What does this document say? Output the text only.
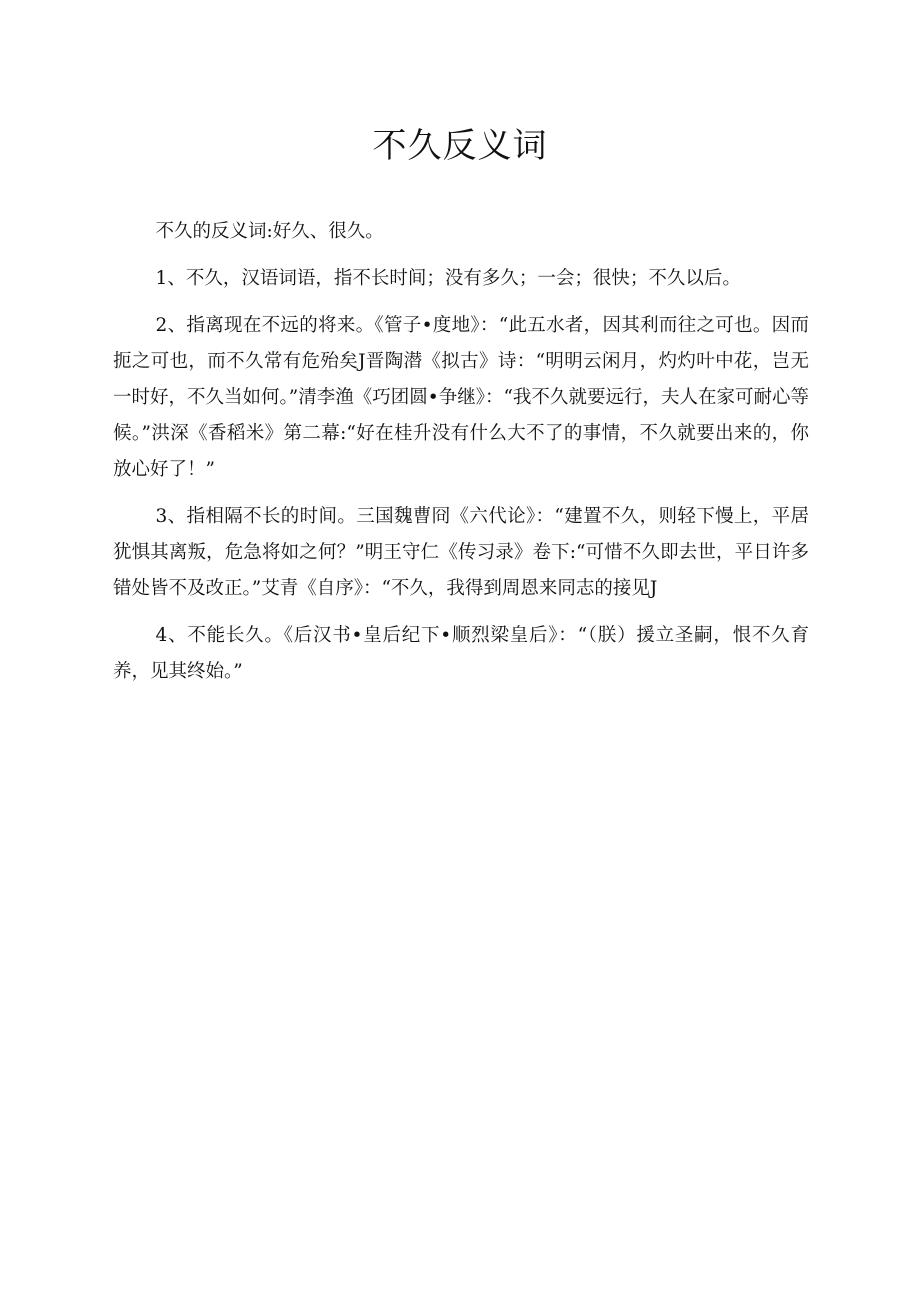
不久反义词

不久的反义词:好久、很久。

1、不久，汉语词语，指不长时间；没有多久；一会；很快；不久以后。

2、指离现在不远的将来。《管子•度地》：“此五水者，因其利而往之可也。因而扼之可也，而不久常有危殆矣J晋陶潜《拟古》诗：“明明云闲月，灼灼叶中花，岂无一时好，不久当如何。”清李渔《巧团圆•争继》：“我不久就要远行，夫人在家可耐心等候。”洪深《香稻米》第二幕:“好在桂升没有什么大不了的事情，不久就要出来的，你放心好了！”

3、指相隔不长的时间。三国魏曹冏《六代论》：“建置不久，则轻下慢上，平居犹惧其离叛，危急将如之何？”明王守仁《传习录》卷下:“可惜不久即去世，平日许多错处皆不及改正。”艾青《自序》：“不久，我得到周恩来同志的接见J

4、不能长久。《后汉书•皇后纪下•顺烈梁皇后》：“（朕）援立圣嗣，恨不久育养，见其终始。”
